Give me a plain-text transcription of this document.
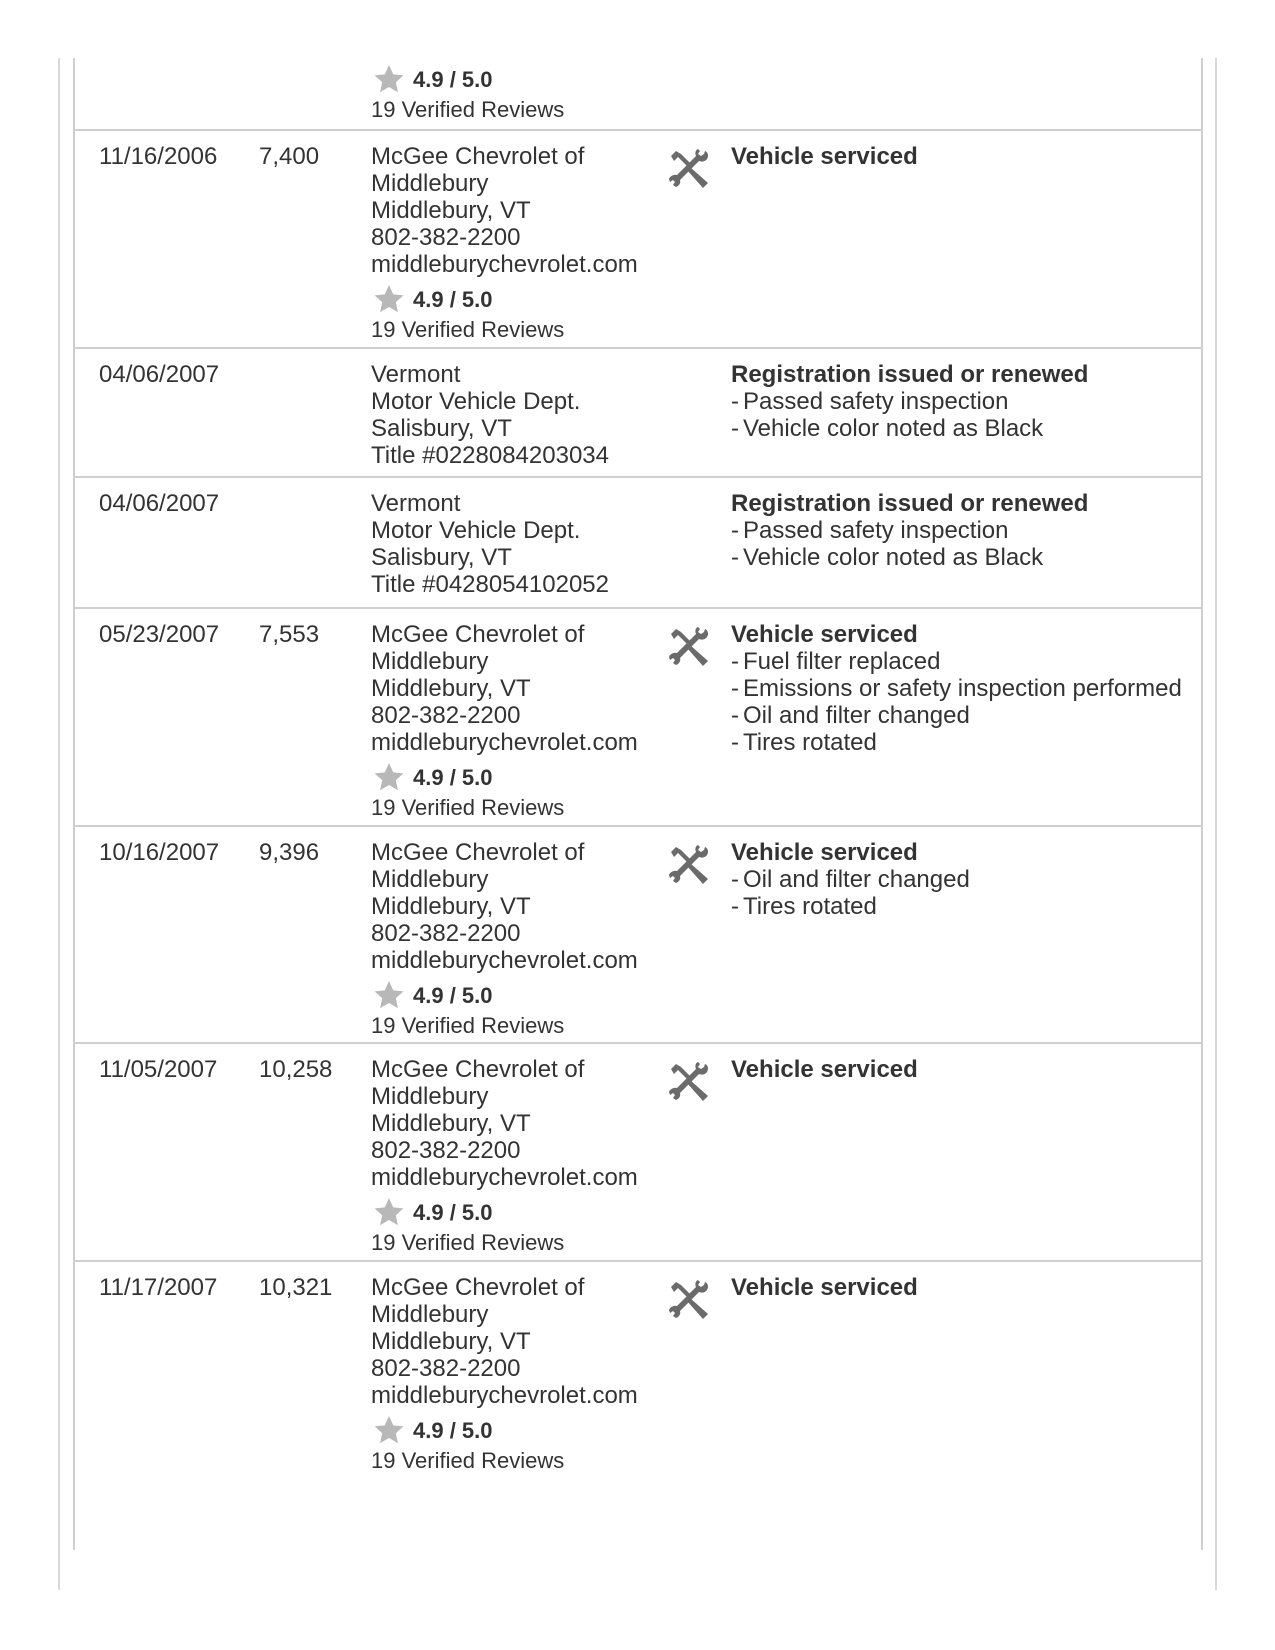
4.9 / 5.0
19 Verified Reviews
11/16/2006 7,400 McGee Chevrolet of
Middlebury
Middlebury, VT
802-382-2200
middleburychevrolet.com
4.9 / 5.0
19 Verified Reviews
Vehicle serviced
04/06/2007	Vermont
Motor Vehicle Dept.
Salisbury, VT
Title #0228084203034
Registration issued or renewed
- Passed safety inspection
- Vehicle color noted as Black
04/06/2007	Vermont
Motor Vehicle Dept.
Salisbury, VT
Title #0428054102052
Registration issued or renewed
- Passed safety inspection
- Vehicle color noted as Black
05/23/2007 7,553 McGee Chevrolet of
Middlebury
Middlebury, VT
802-382-2200
middleburychevrolet.com
4.9 / 5.0
19 Verified Reviews
Vehicle serviced
- Fuel filter replaced
- Emissions or safety inspection performed
- Oil and filter changed
- Tires rotated
10/16/2007 9,396 McGee Chevrolet of
Middlebury
Middlebury, VT
802-382-2200
middleburychevrolet.com
4.9 / 5.0
19 Verified Reviews
Vehicle serviced
- Oil and filter changed
- Tires rotated
11/05/2007 10,258 McGee Chevrolet of
Middlebury
Middlebury, VT
802-382-2200
middleburychevrolet.com
4.9 / 5.0
19 Verified Reviews
Vehicle serviced
11/17/2007 10,321 McGee Chevrolet of
Middlebury
Middlebury, VT
802-382-2200
middleburychevrolet.com
4.9 / 5.0
19 Verified Reviews
Vehicle serviced
